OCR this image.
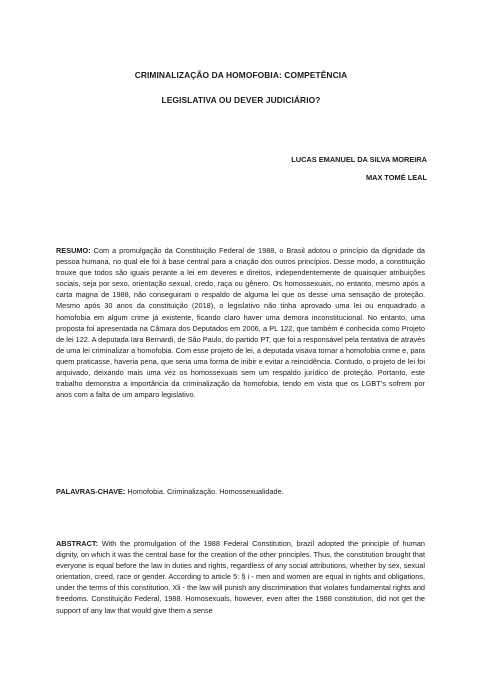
CRIMINALIZAÇÃO DA HOMOFOBIA: COMPETÊNCIA
LEGISLATIVA OU DEVER JUDICIÁRIO?
LUCAS EMANUEL DA SILVA MOREIRA
MAX TOMÉ LEAL
RESUMO: Com a promulgação da Constituição Federal de 1988, o Brasil adotou o princípio da dignidade da pessoa humana, no qual ele foi à base central para a criação dos outros princípios. Desse modo, a constituição trouxe que todos são iguais perante a lei em deveres e direitos, independentemente de quaisquer atribuições sociais, seja por sexo, orientação sexual, credo, raça ou gênero. Os homossexuais, no entanto, mesmo após a carta magna de 1988, não conseguiram o respaldo de alguma lei que os desse uma sensação de proteção. Mesmo após 30 anos da constituição (2018), o legislativo não tinha aprovado uma lei ou enquadrado a homofobia em algum crime já existente, ficando claro haver uma demora inconstitucional. No entanto, uma proposta foi apresentada na Câmara dos Deputados em 2006, a PL 122, que também é conhecida como Projeto de lei 122. A deputada Iara Bernardi, de São Paulo, do partido PT, que foi a responsável pela tentativa de através de uma lei criminalizar a homofobia. Com esse projeto de lei, a deputada visava tornar a homofobia crime e, para quem praticasse, haveria pena, que seria uma forma de inibir e evitar a reincidência. Contudo, o projeto de lei foi arquivado, deixando mais uma vez os homossexuais sem um respaldo jurídico de proteção. Portanto, este trabalho demonstra a importância da criminalização da homofobia, tendo em vista que os LGBT's sofrem por anos com a falta de um amparo legislativo.
PALAVRAS-CHAVE: Homofobia. Criminalização. Homossexualidade.
ABSTRACT: With the promulgation of the 1988 Federal Constitution, brazil adopted the principle of human dignity, on which it was the central base for the creation of the other principles. Thus, the constitution brought that everyone is equal before the law in duties and rights, regardless of any social attributions, whether by sex, sexual orientation, creed, race or gender. According to article 5: § i - men and women are equal in rights and obligations, under the terms of this constitution. Xli - the law will punish any discrimination that violates fundamental rights and freedoms. Constituição Federal, 1988. Homosexuals, however, even after the 1988 constitution, did not get the support of any law that would give them a sense
